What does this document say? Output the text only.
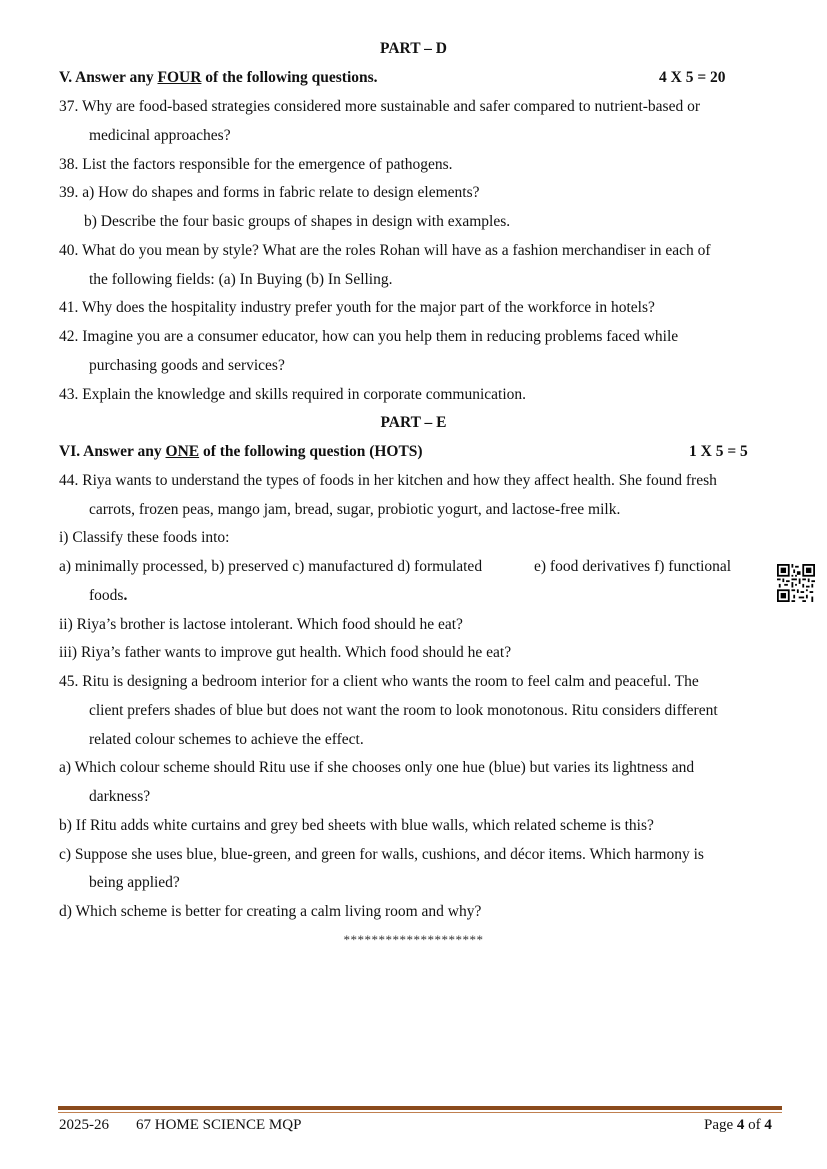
PART – D
V. Answer any FOUR of the following questions.	4 X 5 = 20
37. Why are food-based strategies considered more sustainable and safer compared to nutrient-based or
medicinal approaches?
38. List the factors responsible for the emergence of pathogens.
39. a) How do shapes and forms in fabric relate to design elements?
b) Describe the four basic groups of shapes in design with examples.
40. What do you mean by style? What are the roles Rohan will have as a fashion merchandiser in each of
the following fields: (a) In Buying (b) In Selling.
41. Why does the hospitality industry prefer youth for the major part of the workforce in hotels?
42. Imagine you are a consumer educator, how can you help them in reducing problems faced while
purchasing goods and services?
43. Explain the knowledge and skills required in corporate communication.
PART – E
VI. Answer any ONE of the following question (HOTS)	1 X 5 = 5
44. Riya wants to understand the types of foods in her kitchen and how they affect health. She found fresh
carrots, frozen peas, mango jam, bread, sugar, probiotic yogurt, and lactose-free milk.
i) Classify these foods into:
a) minimally processed, b) preserved c) manufactured d) formulated	e) food derivatives f) functional
foods.
ii) Riya’s brother is lactose intolerant. Which food should he eat?
iii) Riya’s father wants to improve gut health. Which food should he eat?
45. Ritu is designing a bedroom interior for a client who wants the room to feel calm and peaceful. The
client prefers shades of blue but does not want the room to look monotonous. Ritu considers different
related colour schemes to achieve the effect.
a) Which colour scheme should Ritu use if she chooses only one hue (blue) but varies its lightness and
darkness?
b) If Ritu adds white curtains and grey bed sheets with blue walls, which related scheme is this?
c) Suppose she uses blue, blue-green, and green for walls, cushions, and décor items. Which harmony is
being applied?
d) Which scheme is better for creating a calm living room and why?
********************
2025-26 67 HOME SCIENCE MQP	Page 4 of 4
